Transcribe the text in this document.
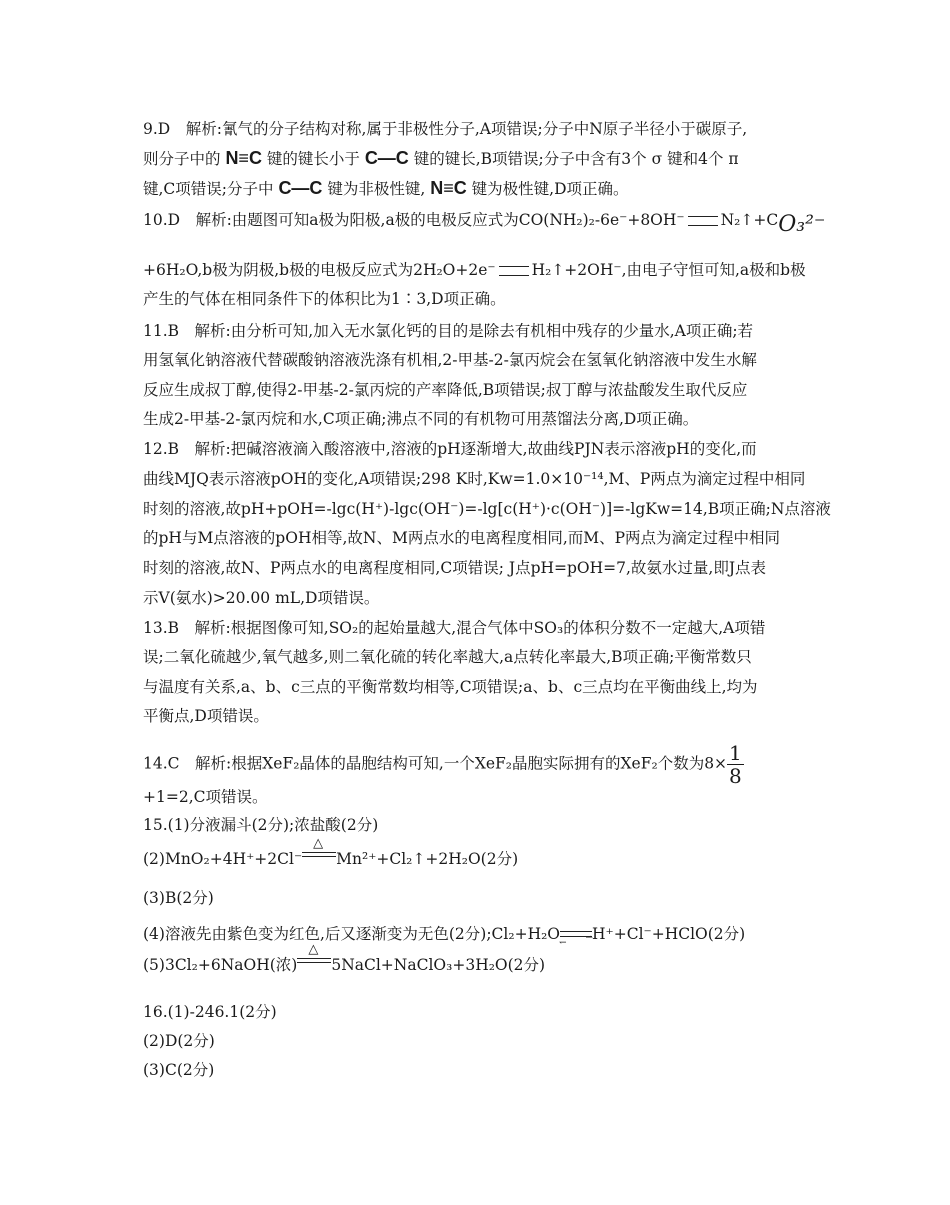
9.D　解析:氰气的分子结构对称,属于非极性分子,A项错误;分子中N原子半径小于碳原子,
则分子中的 N≡C 键的键长小于 C—C 键的键长,B项错误;分子中含有3个 σ 键和4个 π
键,C项错误;分子中 C—C 键为非极性键, N≡C 键为极性键,D项正确。
10.D　解析:由题图可知a极为阳极,a极的电极反应式为CO(NH₂)₂-6e⁻+8OH⁻ N₂↑+CO₃²⁻
+6H₂O,b极为阴极,b极的电极反应式为2H₂O+2e⁻ H₂↑+2OH⁻,由电子守恒可知,a极和b极
产生的气体在相同条件下的体积比为1∶3,D项正确。
11.B　解析:由分析可知,加入无水氯化钙的目的是除去有机相中残存的少量水,A项正确;若
用氢氧化钠溶液代替碳酸钠溶液洗涤有机相,2-甲基-2-氯丙烷会在氢氧化钠溶液中发生水解
反应生成叔丁醇,使得2-甲基-2-氯丙烷的产率降低,B项错误;叔丁醇与浓盐酸发生取代反应
生成2-甲基-2-氯丙烷和水,C项正确;沸点不同的有机物可用蒸馏法分离,D项正确。
12.B　解析:把碱溶液滴入酸溶液中,溶液的pH逐渐增大,故曲线PJN表示溶液pH的变化,而
曲线MJQ表示溶液pOH的变化,A项错误;298 K时,Kw=1.0×10⁻¹⁴,M、P两点为滴定过程中相同
时刻的溶液,故pH+pOH=-lgc(H⁺)-lgc(OH⁻)=-lg[c(H⁺)·c(OH⁻)]=-lgKw=14,B项正确;N点溶液
的pH与M点溶液的pOH相等,故N、M两点水的电离程度相同,而M、P两点为滴定过程中相同
时刻的溶液,故N、P两点水的电离程度相同,C项错误; J点pH=pOH=7,故氨水过量,即J点表
示V(氨水)>20.00 mL,D项错误。
13.B　解析:根据图像可知,SO₂的起始量越大,混合气体中SO₃的体积分数不一定越大,A项错
误;二氧化硫越少,氧气越多,则二氧化硫的转化率越大,a点转化率最大,B项正确;平衡常数只
与温度有关系,a、b、c三点的平衡常数均相等,C项错误;a、b、c三点均在平衡曲线上,均为
平衡点,D项错误。
14.C　解析:根据XeF₂晶体的晶胞结构可知,一个XeF₂晶胞实际拥有的XeF₂个数为$8\times \frac{1}{8}$
+1=2,C项错误。
15.(1)分液漏斗(2分);浓盐酸(2分)
(2)MnO₂+4H⁺+2Cl⁻
△
Mn²⁺+Cl₂↑+2H₂O(2分)
(3)B(2分)
(4)溶液先由紫色变为红色,后又逐渐变为无色(2分);Cl₂+H₂O	⇀
↽ H⁺+Cl⁻+HClO(2分)
(5)3Cl₂+6NaOH(浓)
△
5NaCl+NaClO₃+3H₂O(2分)
16.(1)-246.1(2分)
(2)D(2分)
(3)C(2分)
